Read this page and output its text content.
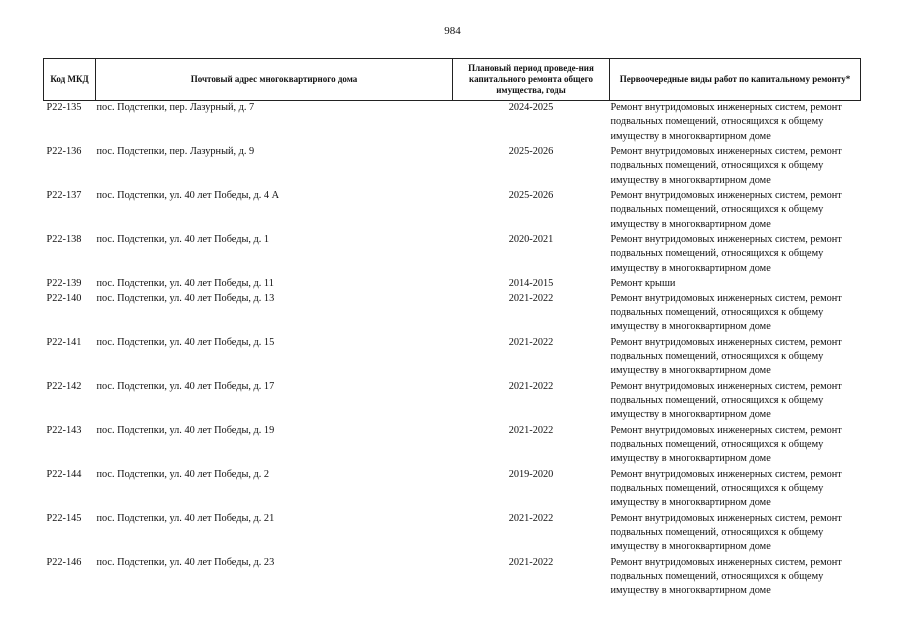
984
Код МКД	Почтовый адрес многоквартирного дома	Плановый период проведе-ния капитального ремонта общего имущества, годы	Первоочередные виды работ по капитальному ремонту*
Р22-135	пос. Подстепки, пер. Лазурный, д. 7	2024-2025	Ремонт внутридомовых инженерных систем, ремонт подвальных помещений, относящихся к общему имуществу в многоквартирном доме
Р22-136	пос. Подстепки, пер. Лазурный, д. 9	2025-2026	Ремонт внутридомовых инженерных систем, ремонт подвальных помещений, относящихся к общему имуществу в многоквартирном доме
Р22-137	пос. Подстепки, ул. 40 лет Победы, д. 4 А	2025-2026	Ремонт внутридомовых инженерных систем, ремонт подвальных помещений, относящихся к общему имуществу в многоквартирном доме
Р22-138	пос. Подстепки, ул. 40 лет Победы, д. 1	2020-2021	Ремонт внутридомовых инженерных систем, ремонт подвальных помещений, относящихся к общему имуществу в многоквартирном доме
Р22-139	пос. Подстепки, ул. 40 лет Победы, д. 11	2014-2015	Ремонт крыши
Р22-140	пос. Подстепки, ул. 40 лет Победы, д. 13	2021-2022	Ремонт внутридомовых инженерных систем, ремонт подвальных помещений, относящихся к общему имуществу в многоквартирном доме
Р22-141	пос. Подстепки, ул. 40 лет Победы, д. 15	2021-2022	Ремонт внутридомовых инженерных систем, ремонт подвальных помещений, относящихся к общему имуществу в многоквартирном доме
Р22-142	пос. Подстепки, ул. 40 лет Победы, д. 17	2021-2022	Ремонт внутридомовых инженерных систем, ремонт подвальных помещений, относящихся к общему имуществу в многоквартирном доме
Р22-143	пос. Подстепки, ул. 40 лет Победы, д. 19	2021-2022	Ремонт внутридомовых инженерных систем, ремонт подвальных помещений, относящихся к общему имуществу в многоквартирном доме
Р22-144	пос. Подстепки, ул. 40 лет Победы, д. 2	2019-2020	Ремонт внутридомовых инженерных систем, ремонт подвальных помещений, относящихся к общему имуществу в многоквартирном доме
Р22-145	пос. Подстепки, ул. 40 лет Победы, д. 21	2021-2022	Ремонт внутридомовых инженерных систем, ремонт подвальных помещений, относящихся к общему имуществу в многоквартирном доме
Р22-146	пос. Подстепки, ул. 40 лет Победы, д. 23	2021-2022	Ремонт внутридомовых инженерных систем, ремонт подвальных помещений, относящихся к общему имуществу в многоквартирном доме
